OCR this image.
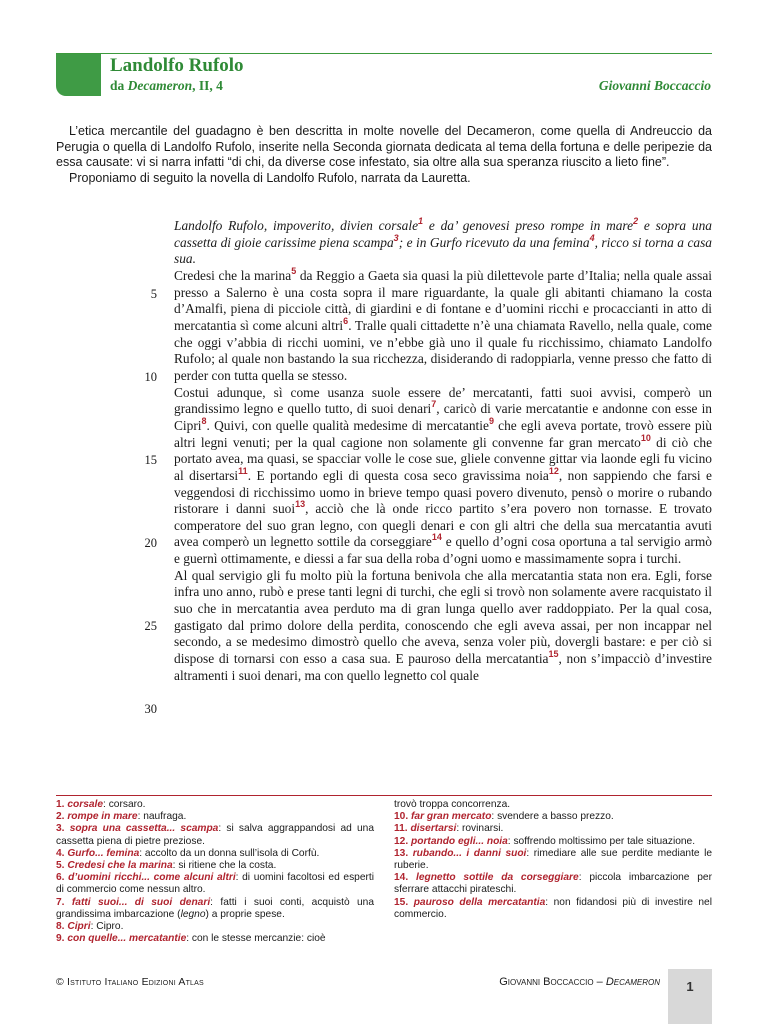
Landolfo Rufolo
da Decameron, II, 4	Giovanni Boccaccio

L’etica mercantile del guadagno è ben descritta in molte novelle del Decameron, come quella di Andreuccio da Perugia o quella di Landolfo Rufolo, inserite nella Seconda giornata dedicata al tema della fortuna e delle peripezie da essa causate: vi si narra infatti “di chi, da diverse cose infestato, sia oltre alla sua speranza riuscito a lieto fine”.

Proponiamo di seguito la novella di Landolfo Rufolo, narrata da Lauretta.

5
10
15
20
25
30

Landolfo Rufolo, impoverito, divien corsale$^1$ e da’ genovesi preso rompe in mare$^2$ e sopra una cassetta di gioie carissime piena scampa$^3$; e in Gurfo ricevuto da una femina$^4$, ricco si torna a casa sua.

Credesi che la marina$^5$ da Reggio a Gaeta sia quasi la più dilettevole parte d’Italia; nella quale assai presso a Salerno è una costa sopra il mare riguardante, la quale gli abitanti chiamano la costa d’Amalfi, piena di picciole città, di giardini e di fontane e d’uomini ricchi e procaccianti in atto di mercatantia sì come alcuni altri$^6$. Tralle quali cittadette n’è una chiamata Ravello, nella quale, come che oggi v’abbia di ricchi uomini, ve n’ebbe già uno il quale fu ricchissimo, chiamato Landolfo Rufolo; al quale non bastando la sua ricchezza, disiderando di radoppiarla, venne presso che fatto di perder con tutta quella se stesso.

Costui adunque, sì come usanza suole essere de’ mercatanti, fatti suoi avvisi, comperò un grandissimo legno e quello tutto, di suoi denari$^7$, caricò di varie mercatantie e andonne con esse in Cipri$^8$. Quivi, con quelle qualità medesime di mercatantie$^9$ che egli aveva portate, trovò essere più altri legni venuti; per la qual cagione non solamente gli convenne far gran mercato$^{10}$ di ciò che portato avea, ma quasi, se spacciar volle le cose sue, gliele convenne gittar via laonde egli fu vicino al disertarsi$^{11}$. E portando egli di questa cosa seco gravissima noia$^{12}$, non sappiendo che farsi e veggendosi di ricchissimo uomo in brieve tempo quasi povero divenuto, pensò o morire o rubando ristorare i danni suoi$^{13}$, acciò che là onde ricco partito s’era povero non tornasse. E trovato comperatore del suo gran legno, con quegli denari e con gli altri che della sua mercatantia avuti avea comperò un legnetto sottile da corseggiare$^{14}$ e quello d’ogni cosa oportuna a tal servigio armò e guernì ottimamente, e diessi a far sua della roba d’ogni uomo e massimamente sopra i turchi.

Al qual servigio gli fu molto più la fortuna benivola che alla mercatantia stata non era. Egli, forse infra uno anno, rubò e prese tanti legni di turchi, che egli si trovò non solamente avere racquistato il suo che in mercatantia avea perduto ma di gran lunga quello aver raddoppiato. Per la qual cosa, gastigato dal primo dolore della perdita, conoscendo che egli aveva assai, per non incappar nel secondo, a se medesimo dimostrò quello che aveva, senza voler più, dovergli bastare: e per ciò si dispose di tornarsi con esso a casa sua. E pauroso della mercatantia$^{15}$, non s’impacciò d’investire altramenti i suoi denari, ma con quello legnetto col quale

1. corsale: corsaro.

2. rompe in mare: naufraga.

3. sopra una cassetta... scampa: si salva aggrappandosi ad una cassetta piena di pietre preziose.

4. Gurfo... femina: accolto da un donna sull’isola di Corfù.

5. Credesi che la marina: si ritiene che la costa.

6. d’uomini ricchi... come alcuni altri: di uomini facoltosi ed esperti di commercio come nessun altro.

7. fatti suoi... di suoi denari: fatti i suoi conti, acquistò una grandissima imbarcazione (legno) a proprie spese.

8. Cipri: Cipro.

9. con quelle... mercatantie: con le stesse mercanzie: cioè

trovò troppa concorrenza.

10. far gran mercato: svendere a basso prezzo.

11. disertarsi: rovinarsi.

12. portando egli... noia: soffrendo moltissimo per tale situazione.

13. rubando... i danni suoi: rimediare alle sue perdite mediante le ruberie.

14. legnetto sottile da corseggiare: piccola imbarcazione per sferrare attacchi pirateschi.

15. pauroso della mercatantia: non fidandosi più di investire nel commercio.

© Istituto Italiano Edizioni Atlas	Giovanni Boccaccio – Decameron	1
